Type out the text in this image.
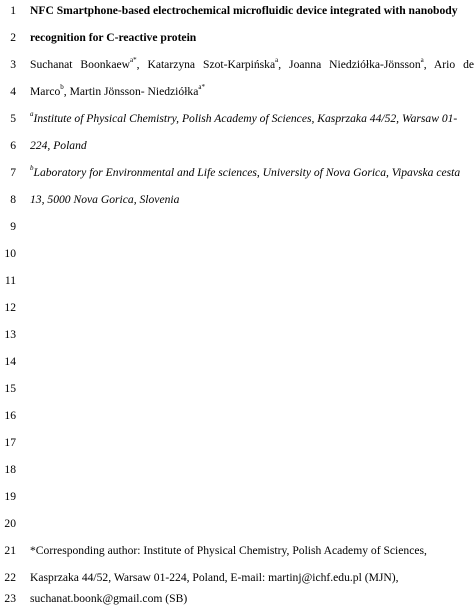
1 NFC Smartphone-based electrochemical microfluidic device integrated with nanobody
2 recognition for C-reactive protein
3 Suchanat Boonkaew$^{a*}$, Katarzyna Szot-Karpińska$^a$, Joanna Niedziółka-Jönsson$^a$, Ario de
4 Marco$^b$, Martin Jönsson- Niedziółka$^{a*}$
5 $^a$Institute of Physical Chemistry, Polish Academy of Sciences, Kasprzaka 44/52, Warsaw 01-
6 224, Poland
7 $^b$Laboratory for Environmental and Life sciences, University of Nova Gorica, Vipavska cesta
8 13, 5000 Nova Gorica, Slovenia
9
10
11
12
13
14
15
16
17
18
19
20
21 *Corresponding author: Institute of Physical Chemistry, Polish Academy of Sciences,
22 Kasprzaka 44/52, Warsaw 01-224, Poland, E-mail: martinj@ichf.edu.pl (MJN),
23 suchanat.boonk@gmail.com (SB)
